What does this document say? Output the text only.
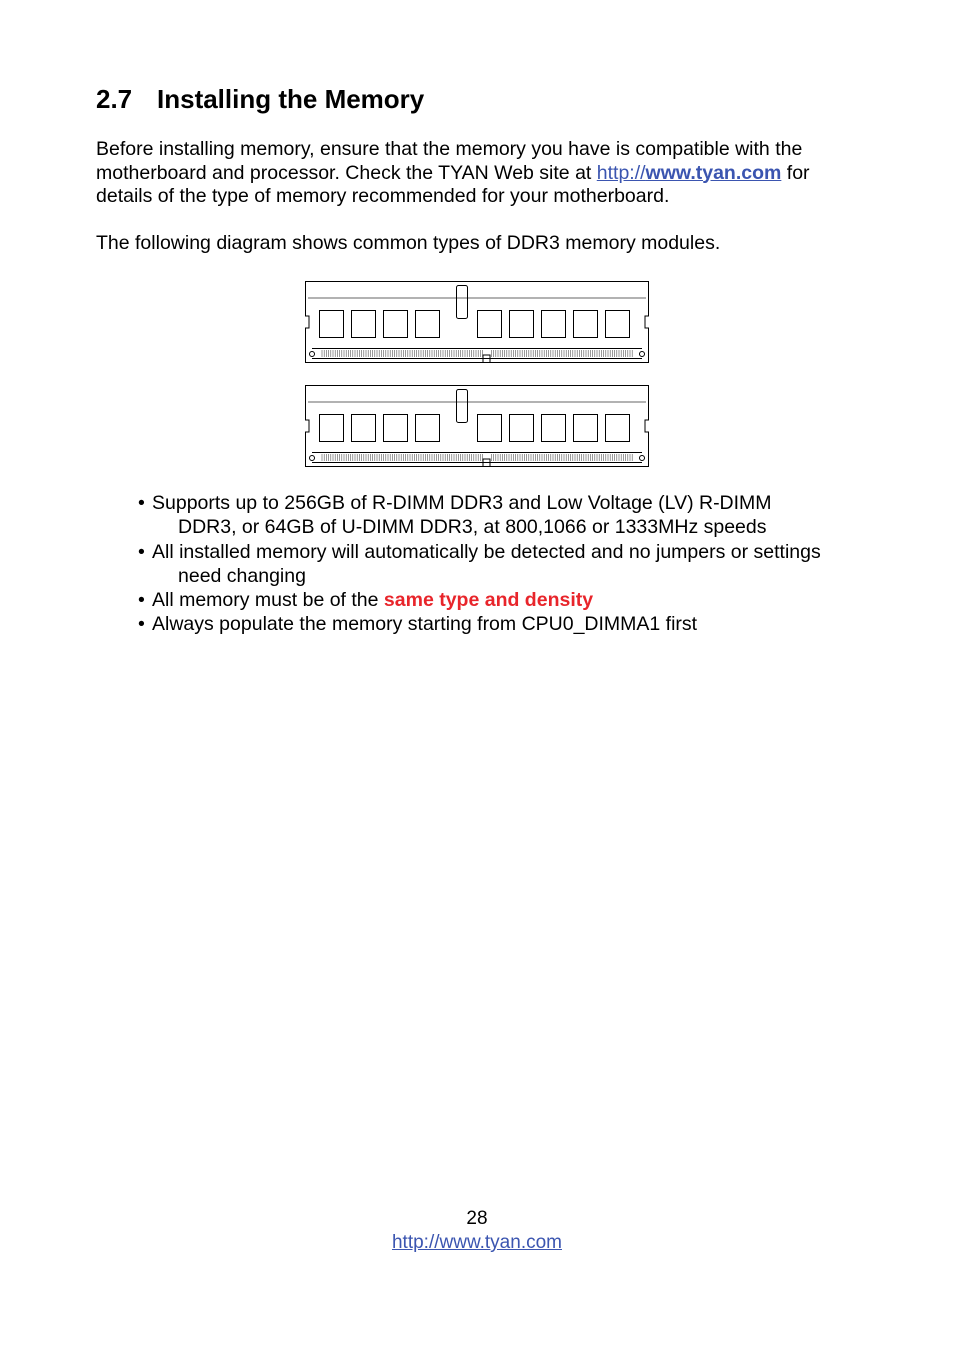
2.7 Installing the Memory

Before installing memory, ensure that the memory you have is compatible with the motherboard and processor. Check the TYAN Web site at http://www.tyan.com for details of the type of memory recommended for your motherboard.

The following diagram shows common types of DDR3 memory modules.

• Supports up to 256GB of R-DIMM DDR3 and Low Voltage (LV) R-DIMM
DDR3, or 64GB of U-DIMM DDR3, at 800,1066 or 1333MHz speeds
• All installed memory will automatically be detected and no jumpers or settings
need changing
• All memory must be of the same type and density
• Always populate the memory starting from CPU0_DIMMA1 first
28
http://www.tyan.com
